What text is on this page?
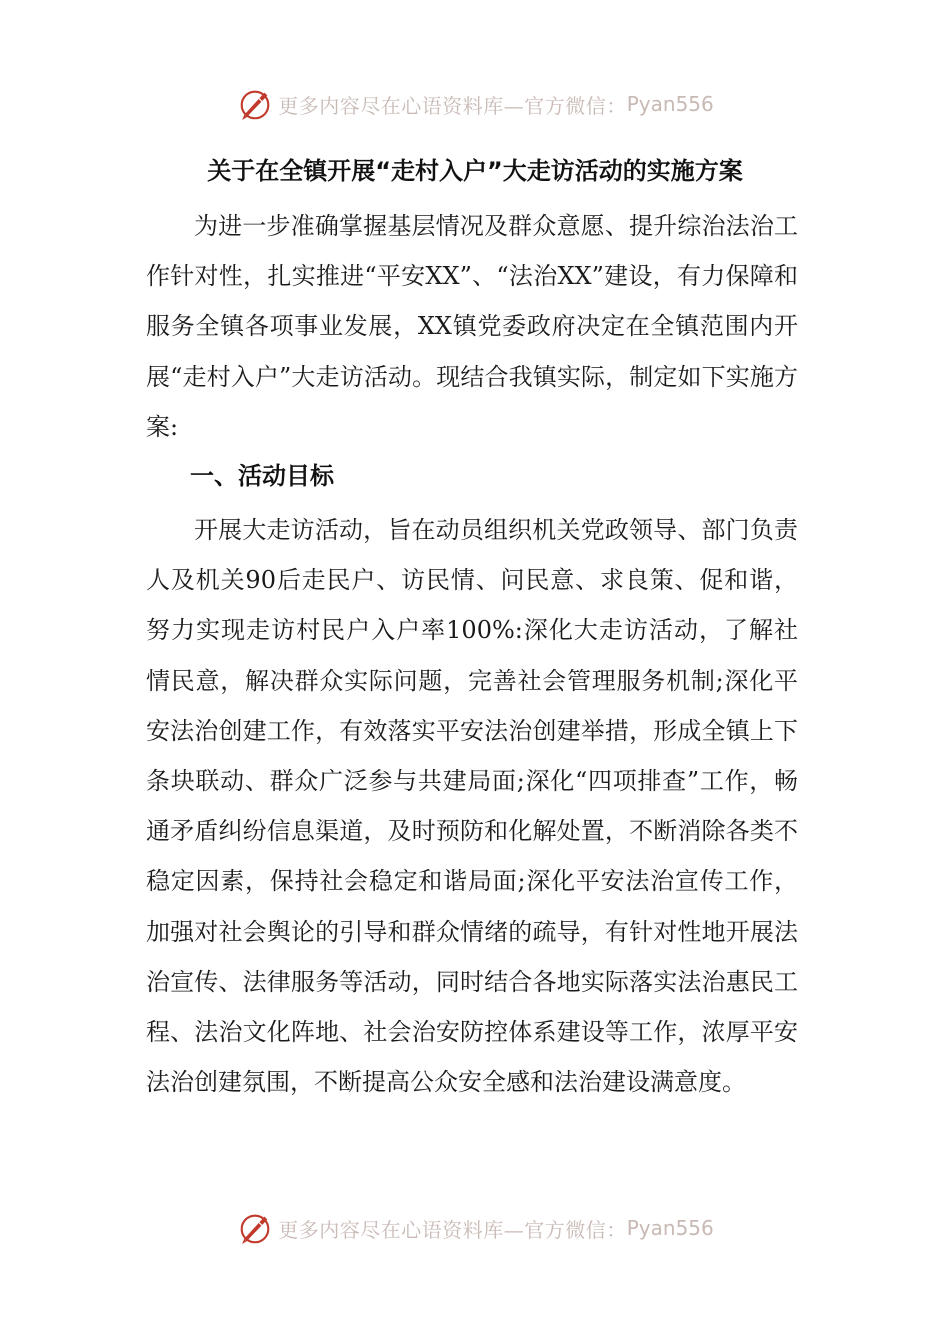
更多内容尽在心语资料库—官方微信： Pyan556
关于在全镇开展“走村入户”大走访活动的实施方案

为进一步准确掌握基层情况及群众意愿、提升综治法治工作针对性，扎实推进“平安XX”、“法治XX”建设，有力保障和服务全镇各项事业发展，XX镇党委政府决定在全镇范围内开展“走村入户”大走访活动。现结合我镇实际，制定如下实施方案:

一、活动目标

开展大走访活动，旨在动员组织机关党政领导、部门负责人及机关90后走民户、访民情、问民意、求良策、促和谐，努力实现走访村民户入户率100%:深化大走访活动，了解社情民意，解决群众实际问题，完善社会管理服务机制;深化平安法治创建工作，有效落实平安法治创建举措，形成全镇上下条块联动、群众广泛参与共建局面;深化“四项排查”工作，畅通矛盾纠纷信息渠道，及时预防和化解处置，不断消除各类不稳定因素，保持社会稳定和谐局面;深化平安法治宣传工作，加强对社会舆论的引导和群众情绪的疏导，有针对性地开展法治宣传、法律服务等活动，同时结合各地实际落实法治惠民工程、法治文化阵地、社会治安防控体系建设等工作，浓厚平安法治创建氛围，不断提高公众安全感和法治建设满意度。

更多内容尽在心语资料库—官方微信： Pyan556
